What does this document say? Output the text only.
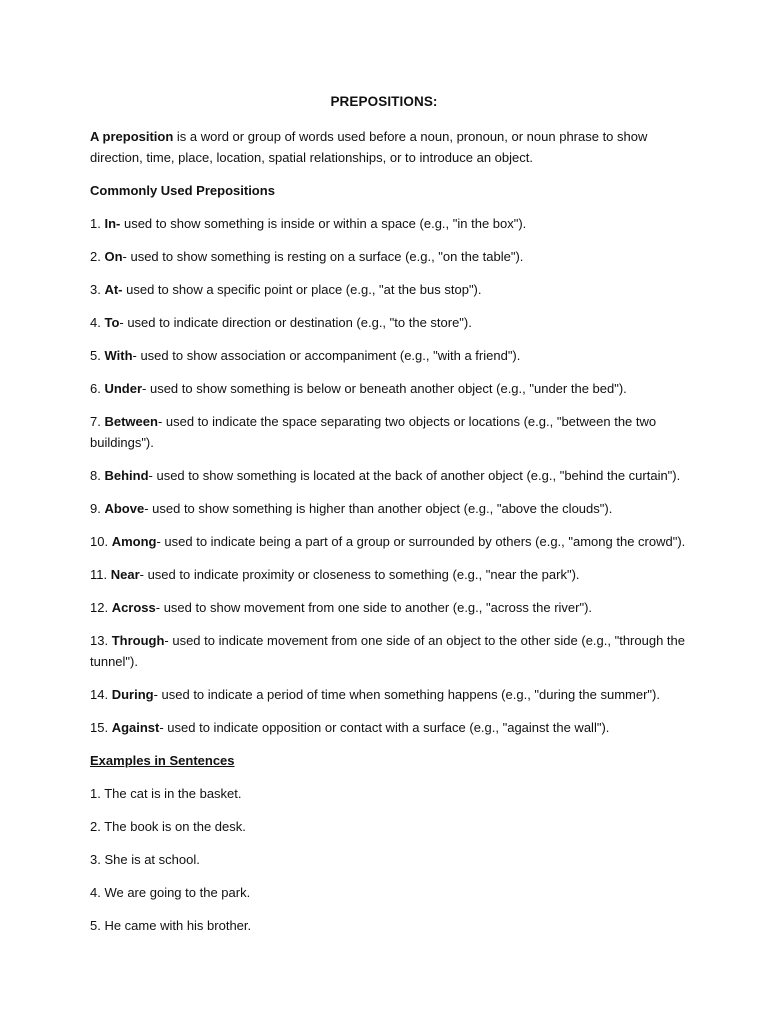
PREPOSITIONS:

A preposition is a word or group of words used before a noun, pronoun, or noun phrase to show direction, time, place, location, spatial relationships, or to introduce an object.

Commonly Used Prepositions
1. In- used to show something is inside or within a space (e.g., "in the box").
2. On- used to show something is resting on a surface (e.g., "on the table").
3. At- used to show a specific point or place (e.g., "at the bus stop").
4. To- used to indicate direction or destination (e.g., "to the store").
5. With- used to show association or accompaniment (e.g., "with a friend").
6. Under- used to show something is below or beneath another object (e.g., "under the bed").
7. Between- used to indicate the space separating two objects or locations (e.g., "between the two buildings").
8. Behind- used to show something is located at the back of another object (e.g., "behind the curtain").
9. Above- used to show something is higher than another object (e.g., "above the clouds").
10. Among- used to indicate being a part of a group or surrounded by others (e.g., "among the crowd").
11. Near- used to indicate proximity or closeness to something (e.g., "near the park").
12. Across- used to show movement from one side to another (e.g., "across the river").
13. Through- used to indicate movement from one side of an object to the other side (e.g., "through the tunnel").
14. During- used to indicate a period of time when something happens (e.g., "during the summer").
15. Against- used to indicate opposition or contact with a surface (e.g., "against the wall").
Examples in Sentences
1. The cat is in the basket.
2. The book is on the desk.
3. She is at school.
4. We are going to the park.
5. He came with his brother.
